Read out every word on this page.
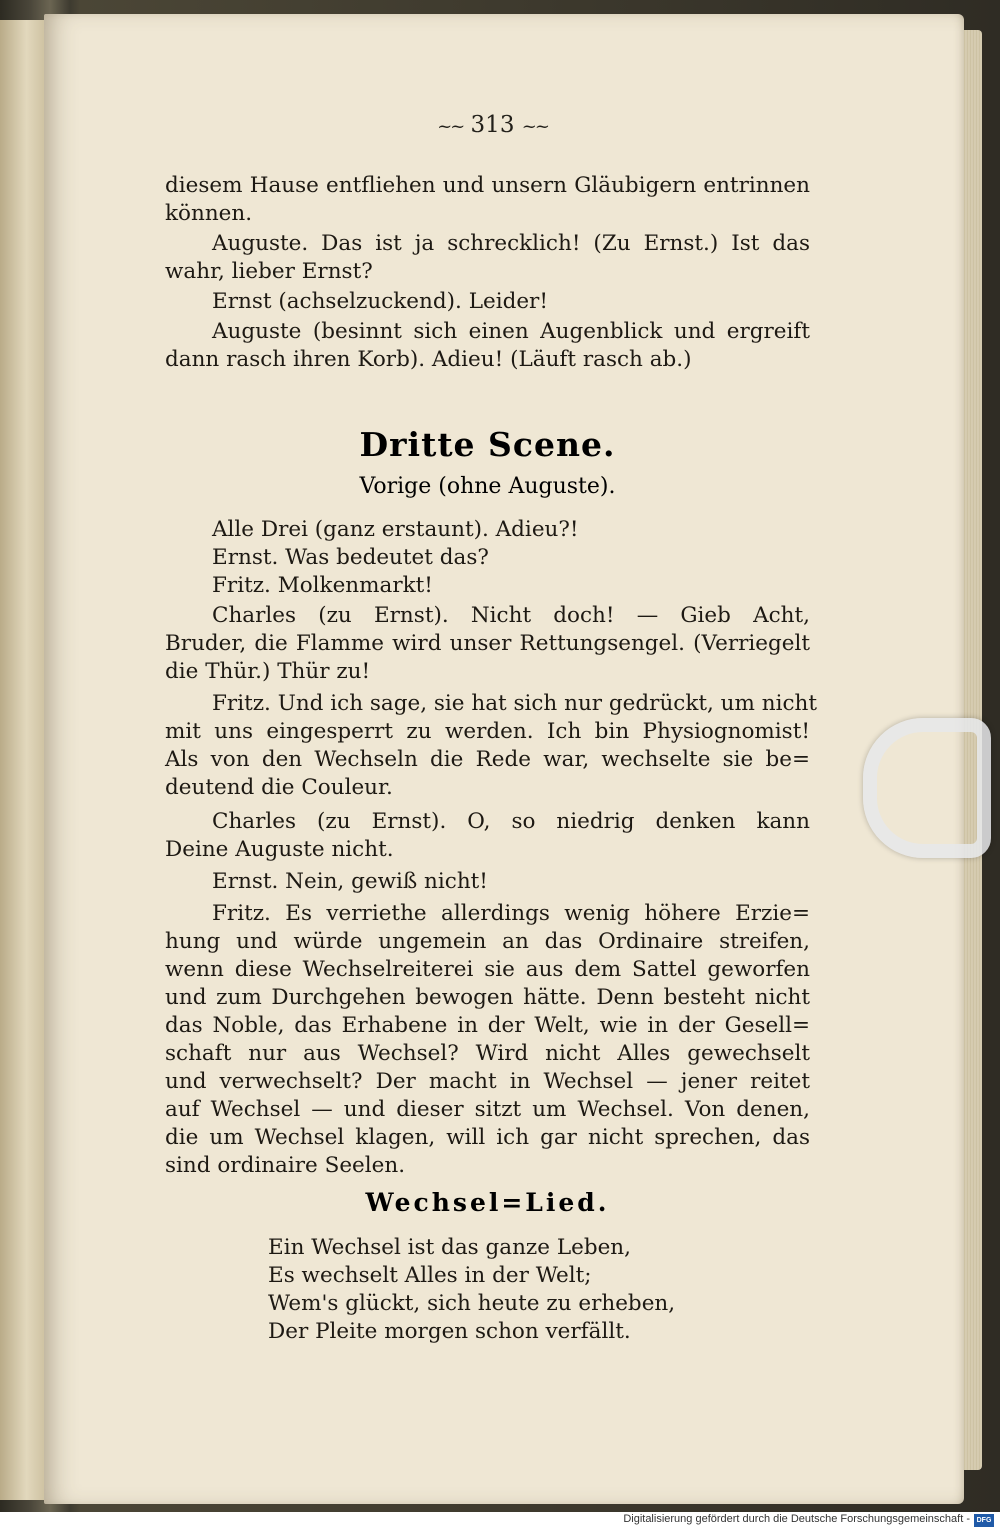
~~ 313 ~~
diesem Hause entfliehen und unsern Gläubigern entrinnen
können.
Auguste. Das ist ja schrecklich! (Zu Ernst.) Ist das
wahr, lieber Ernst?
Ernst (achselzuckend). Leider!
Auguste (besinnt sich einen Augenblick und ergreift
dann rasch ihren Korb). Adieu! (Läuft rasch ab.)
Dritte Scene.
Vorige (ohne Auguste).
Alle Drei (ganz erstaunt). Adieu?!
Ernst. Was bedeutet das?
Fritz. Molkenmarkt!
Charles (zu Ernst). Nicht doch! — Gieb Acht,
Bruder, die Flamme wird unser Rettungsengel. (Verriegelt
die Thür.) Thür zu!
Fritz. Und ich sage, sie hat sich nur gedrückt, um nicht
mit uns eingesperrt zu werden. Ich bin Physiognomist!
Als von den Wechseln die Rede war, wechselte sie be=
deutend die Couleur.
Charles (zu Ernst). O, so niedrig denken kann
Deine Auguste nicht.
Ernst. Nein, gewiß nicht!
Fritz. Es verriethe allerdings wenig höhere Erzie=
hung und würde ungemein an das Ordinaire streifen,
wenn diese Wechselreiterei sie aus dem Sattel geworfen
und zum Durchgehen bewogen hätte. Denn besteht nicht
das Noble, das Erhabene in der Welt, wie in der Gesell=
schaft nur aus Wechsel? Wird nicht Alles gewechselt
und verwechselt? Der macht in Wechsel — jener reitet
auf Wechsel — und dieser sitzt um Wechsel. Von denen,
die um Wechsel klagen, will ich gar nicht sprechen, das
sind ordinaire Seelen.
Wechsel=Lied.
Ein Wechsel ist das ganze Leben,
Es wechselt Alles in der Welt;
Wem's glückt, sich heute zu erheben,
Der Pleite morgen schon verfällt.
Digitalisierung gefördert durch die Deutsche Forschungsgemeinschaft - DFG
